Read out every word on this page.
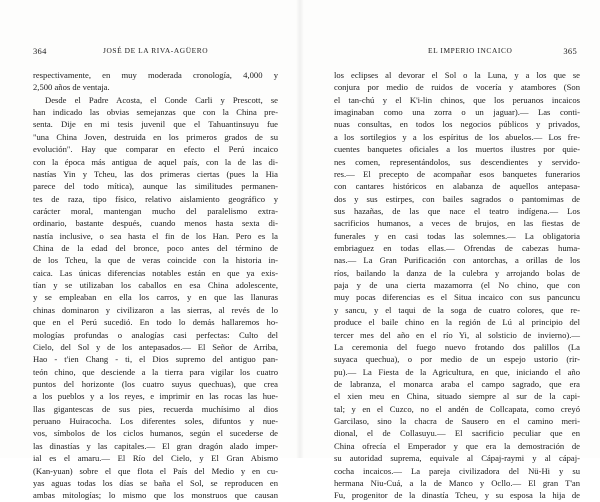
364	JOSÉ DE LA RIVA-AGÜERO
respectivamente, en muy moderada cronología, 4,000 y
2,500 años de ventaja.
Desde el Padre Acosta, el Conde Carli y Prescott, se
han indicado las obvias semejanzas que con la China pre-
senta. Dije en mi tesis juvenil que el Tahuantinsuyu fue
"una China Joven, destruida en los primeros grados de su
evolución". Hay que comparar en efecto el Perú incaico
con la época más antigua de aquel país, con la de las di-
nastías Yin y Tcheu, las dos primeras ciertas (pues la Hia
parece del todo mítica), aunque las similitudes permanen-
tes de raza, tipo físico, relativo aislamiento geográfico y
carácter moral, mantengan mucho del paralelismo extra-
ordinario, bastante después, cuando menos hasta sexta di-
nastía inclusive, o sea hasta el fin de los Han. Pero es la
China de la edad del bronce, poco antes del término de
de los Tcheu, la que de veras coincide con la historia in-
caica. Las únicas diferencias notables están en que ya exis-
tían y se utilizaban los caballos en esa China adolescente,
y se empleaban en ella los carros, y en que las llanuras
chinas dominaron y civilizaron a las sierras, al revés de lo
que en el Perú sucedió. En todo lo demás hallaremos ho-
mologías profundas o analogías casi perfectas: Culto del
Cielo, del Sol y de los antepasados.— El Señor de Arriba,
Hao - t'ien Chang - ti, el Dios supremo del antiguo pan-
teón chino, que desciende a la tierra para vigilar los cuatro
puntos del horizonte (los cuatro suyus quechuas), que crea
a los pueblos y a los reyes, e imprimir en las rocas las hue-
llas gigantescas de sus pies, recuerda muchísimo al dios
peruano Huiracocha. Los diferentes soles, difuntos y nue-
vos, símbolos de los ciclos humanos, según el sucederse de
las dinastías y las capitales.— El gran dragón alado imper-
ial es el amaru.— El Río del Cielo, y El Gran Abismo
(Kan-yuan) sobre el que flota el País del Medio y en cu-
yas aguas todas los días se baña el Sol, se reproducen en
ambas mitologías; lo mismo que los monstruos que causan
EL IMPERIO INCAICO	365
los eclipses al devorar el Sol o la Luna, y a los que se
conjura por medio de ruidos de vocería y atambores (Son
el tan-chú y el K'i-lin chinos, que los peruanos incaicos
imaginaban como una zorra o un jaguar).— Las conti-
nuas consultas, en todos los negocios públicos y privados,
a los sortilegios y a los espíritus de los abuelos.— Los fre-
cuentes banquetes oficiales a los muertos ilustres por quie-
nes comen, representándolos, sus descendientes y servido-
res.— El precepto de acompañar esos banquetes funerarios
con cantares históricos en alabanza de aquellos antepasa-
dos y sus estirpes, con bailes sagrados o pantomimas de
sus hazañas, de las que nace el teatro indígena.— Los
sacrificios humanos, a veces de brujos, en las fiestas de
funerales y en casi todas las solemnes.— La obligatoria
embriaguez en todas ellas.— Ofrendas de cabezas huma-
nas.— La Gran Purificación con antorchas, a orillas de los
ríos, bailando la danza de la culebra y arrojando bolas de
paja y de una cierta mazamorra (el No chino, que con
muy pocas diferencias es el Situa incaico con sus pancuncu
y sancu, y el taqui de la soga de cuatro colores, que re-
produce el baile chino en la región de Lú al principio del
tercer mes del año en el río Yi, al solsticio de invierno).—
La ceremonia del fuego nuevo frotando dos palillos (La
suyaca quechua), o por medio de un espejo ustorio (rir-
pu).— La Fiesta de la Agricultura, en que, iniciando el año
de labranza, el monarca araba el campo sagrado, que era
el xien meu en China, situado siempre al sur de la capi-
tal; y en el Cuzco, no el andén de Collcapata, como creyó
Garcilaso, sino la chacra de Sausero en el camino meri-
dional, el de Collasuyu.— El sacrificio peculiar que en
China ofrecía el Emperador y que era la demostración de
su autoridad suprema, equivale al Cápaj-raymi y al cápaj-
cocha incaicos.— La pareja civilizadora del Nü-Hi y su
hermana Niu-Cuá, a la de Manco y Ocllo.— El gran T'an
Fu, progenitor de la dinastía Tcheu, y su esposa la hija de
